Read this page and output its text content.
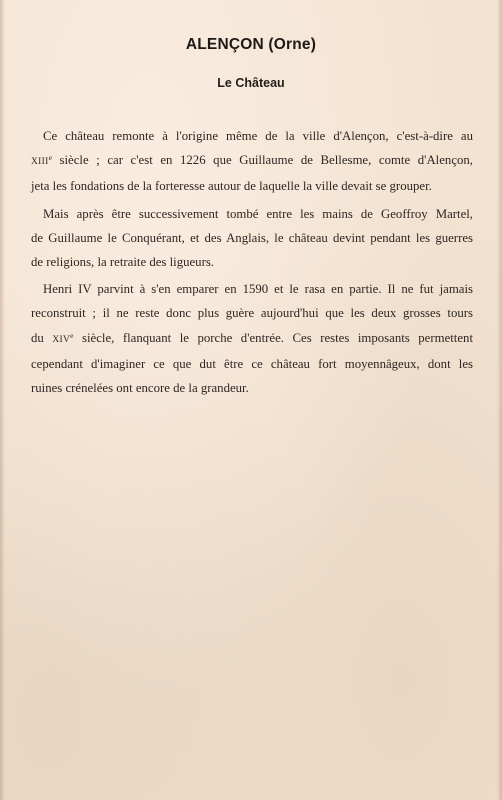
ALENÇON (Orne)
Le Château

Ce château remonte à l'origine même de la ville d'Alençon, c'est-à-dire au
XIIIe siècle ; car c'est en 1226 que Guillaume de Bellesme, comte d'Alençon,
jeta les fondations de la forteresse autour de laquelle la ville devait se grouper.

Mais après être successivement tombé entre les mains de Geoffroy Martel,
de Guillaume le Conquérant, et des Anglais, le château devint pendant les guerres
de religions, la retraite des ligueurs.

Henri IV parvint à s'en emparer en 1590 et le rasa en partie. Il ne fut jamais
reconstruit ; il ne reste donc plus guère aujourd'hui que les deux grosses tours
du XIVe siècle, flanquant le porche d'entrée. Ces restes imposants permettent
cependant d'imaginer ce que dut être ce château fort moyennâgeux, dont les
ruines crénelées ont encore de la grandeur.
